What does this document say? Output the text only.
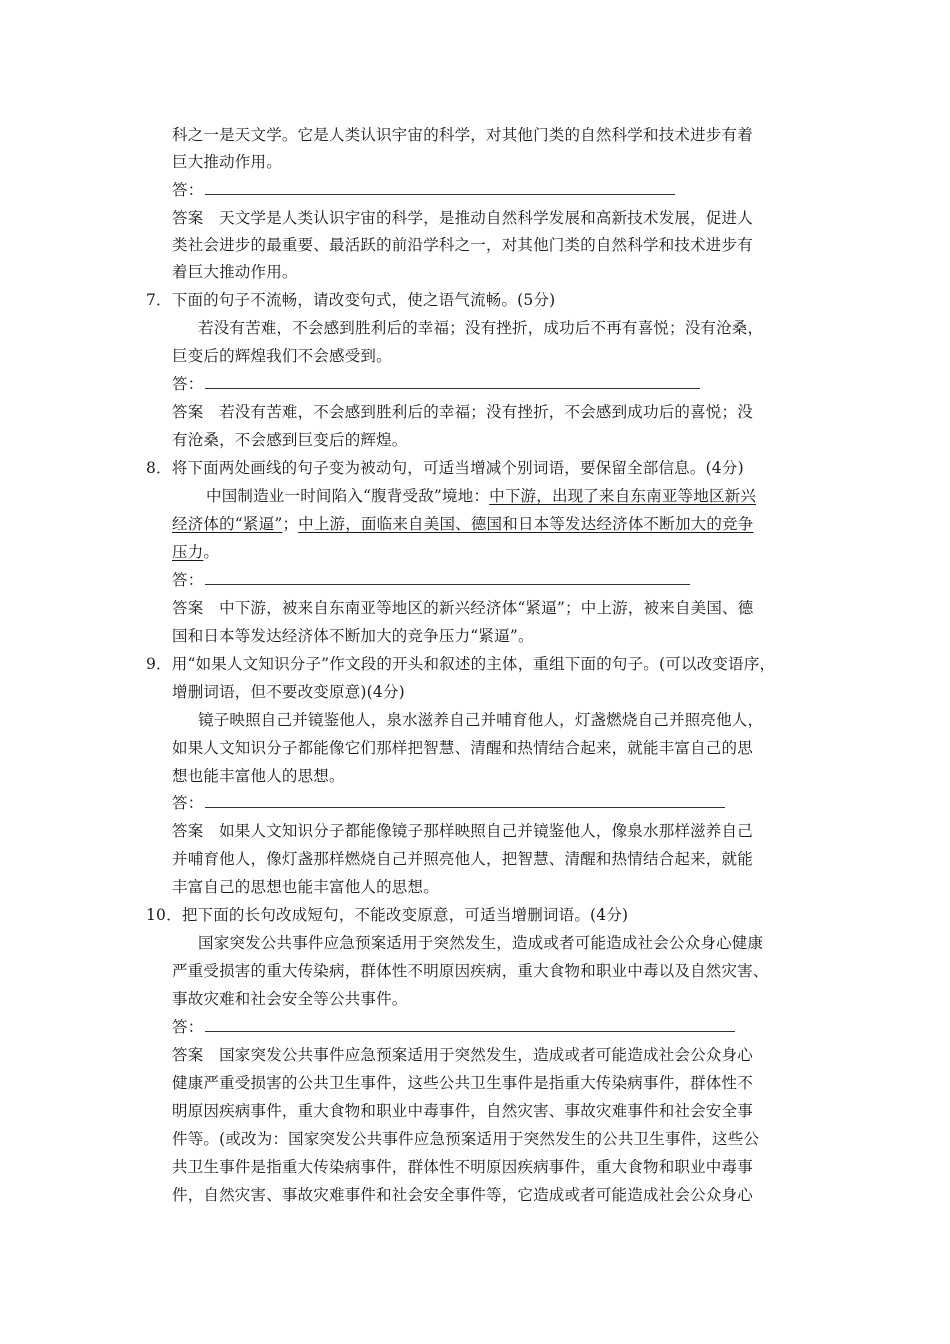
科之一是天文学。它是人类认识宇宙的科学，对其他门类的自然科学和技术进步有着
巨大推动作用。
答：
答案　天文学是人类认识宇宙的科学，是推动自然科学发展和高新技术发展，促进人
类社会进步的最重要、最活跃的前沿学科之一，对其他门类的自然科学和技术进步有
着巨大推动作用。
7．下面的句子不流畅，请改变句式，使之语气流畅。(5分)
若没有苦难，不会感到胜利后的幸福；没有挫折，成功后不再有喜悦；没有沧桑，
巨变后的辉煌我们不会感受到。
答：
答案　若没有苦难，不会感到胜利后的幸福；没有挫折，不会感到成功后的喜悦；没
有沧桑，不会感到巨变后的辉煌。
8．将下面两处画线的句子变为被动句，可适当增减个别词语，要保留全部信息。(4分)
中国制造业一时间陷入“腹背受敌”境地：中下游，出现了来自东南亚等地区新兴
经济体的“紧逼”；中上游，面临来自美国、德国和日本等发达经济体不断加大的竞争
压力。
答：
答案　中下游，被来自东南亚等地区的新兴经济体“紧逼”；中上游，被来自美国、德
国和日本等发达经济体不断加大的竞争压力“紧逼”。
9．用“如果人文知识分子”作文段的开头和叙述的主体，重组下面的句子。(可以改变语序，
增删词语，但不要改变原意)(4分)
镜子映照自己并镜鉴他人，泉水滋养自己并哺育他人，灯盏燃烧自己并照亮他人，
如果人文知识分子都能像它们那样把智慧、清醒和热情结合起来，就能丰富自己的思
想也能丰富他人的思想。
答：
答案　如果人文知识分子都能像镜子那样映照自己并镜鉴他人，像泉水那样滋养自己
并哺育他人，像灯盏那样燃烧自己并照亮他人，把智慧、清醒和热情结合起来，就能
丰富自己的思想也能丰富他人的思想。
10．把下面的长句改成短句，不能改变原意，可适当增删词语。(4分)
国家突发公共事件应急预案适用于突然发生，造成或者可能造成社会公众身心健康
严重受损害的重大传染病，群体性不明原因疾病，重大食物和职业中毒以及自然灾害、
事故灾难和社会安全等公共事件。
答：
答案　国家突发公共事件应急预案适用于突然发生，造成或者可能造成社会公众身心
健康严重受损害的公共卫生事件，这些公共卫生事件是指重大传染病事件，群体性不
明原因疾病事件，重大食物和职业中毒事件，自然灾害、事故灾难事件和社会安全事
件等。(或改为：国家突发公共事件应急预案适用于突然发生的公共卫生事件，这些公
共卫生事件是指重大传染病事件，群体性不明原因疾病事件，重大食物和职业中毒事
件，自然灾害、事故灾难事件和社会安全事件等，它造成或者可能造成社会公众身心
